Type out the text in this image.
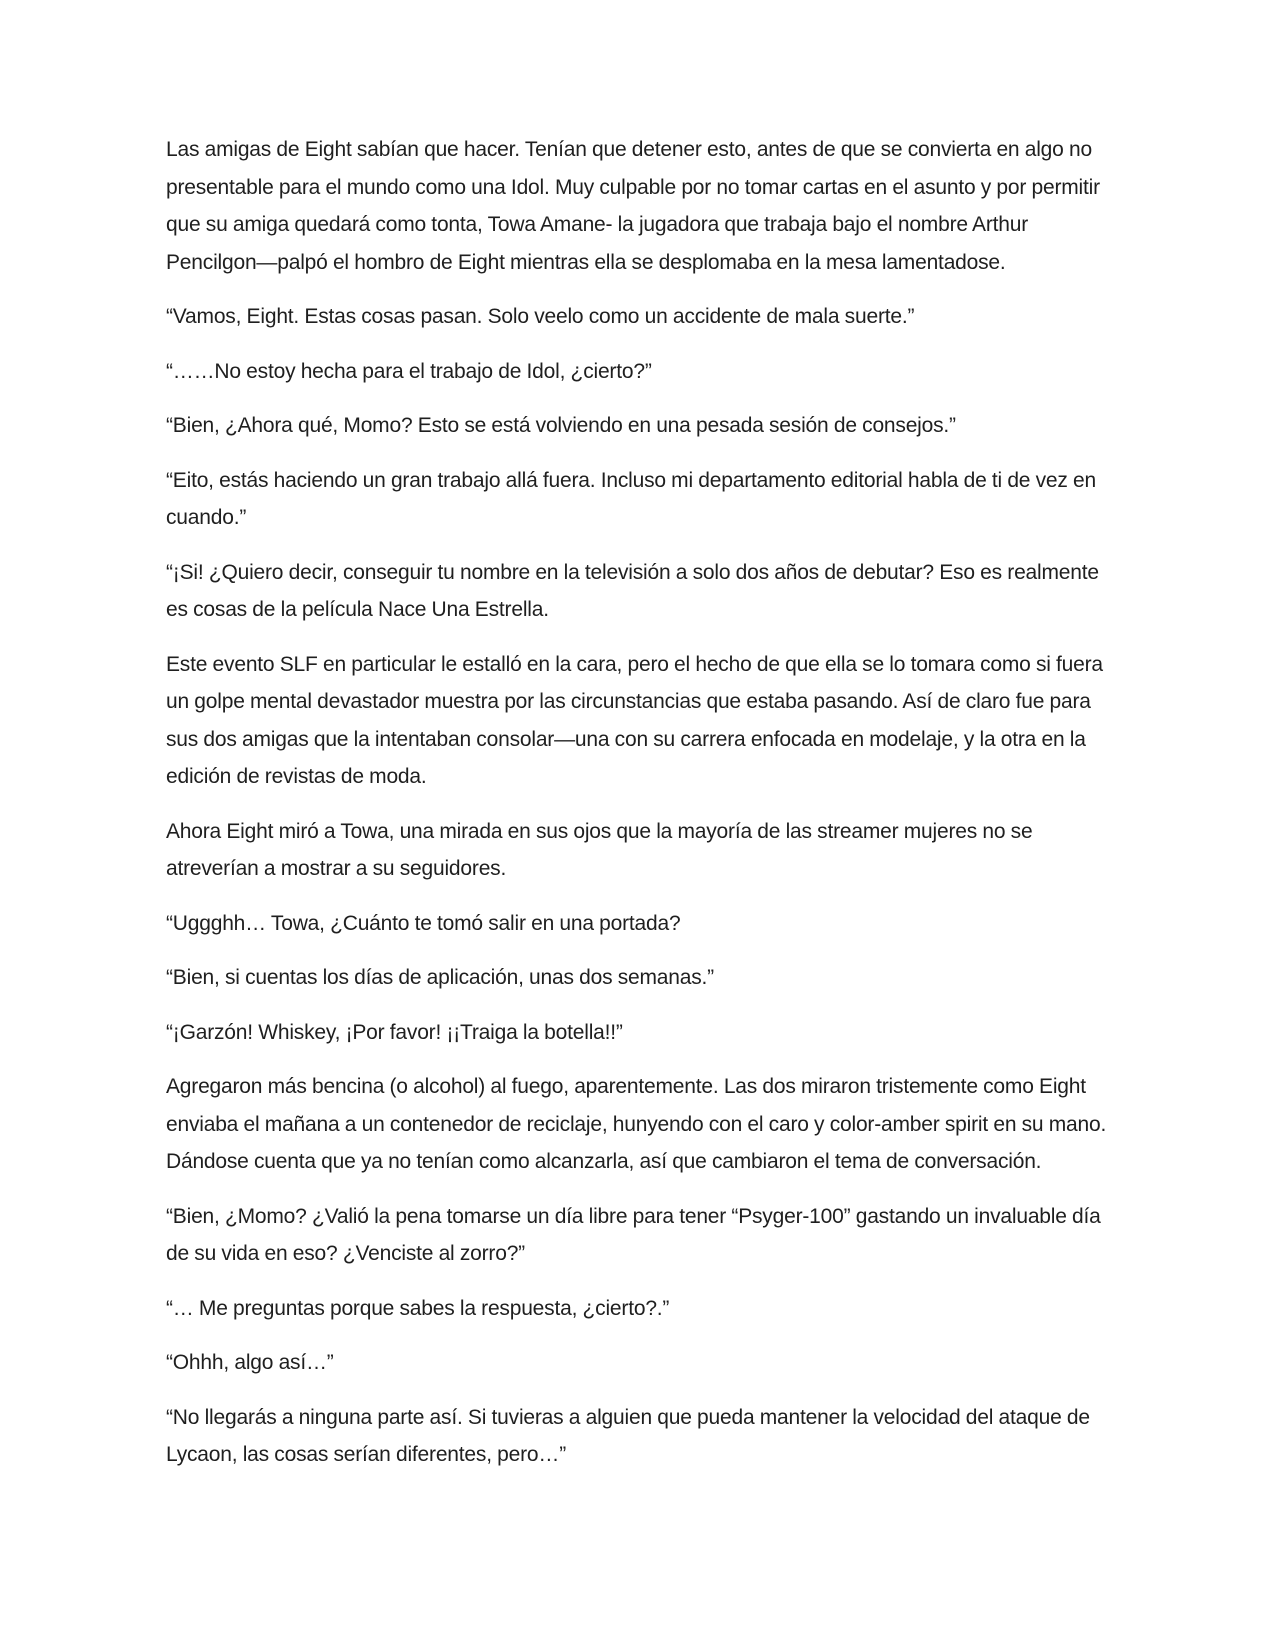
Las amigas de Eight sabían que hacer. Tenían que detener esto, antes de que se convierta en algo no presentable para el mundo como una Idol. Muy culpable por no tomar cartas en el asunto y por permitir que su amiga quedará como tonta, Towa Amane- la jugadora que trabaja bajo el nombre Arthur Pencilgon—palpó el hombro de Eight mientras ella se desplomaba en la mesa lamentadose.

“Vamos, Eight. Estas cosas pasan. Solo veelo como un accidente de mala suerte.”

“……No estoy hecha para el trabajo de Idol, ¿cierto?”

“Bien, ¿Ahora qué, Momo? Esto se está volviendo en una pesada sesión de consejos.”

“Eito, estás haciendo un gran trabajo allá fuera. Incluso mi departamento editorial habla de ti de vez en cuando.”

“¡Si! ¿Quiero decir, conseguir tu nombre en la televisión a solo dos años de debutar? Eso es realmente es cosas de la película Nace Una Estrella.

Este evento SLF en particular le estalló en la cara, pero el hecho de que ella se lo tomara como si fuera un golpe mental devastador muestra por las circunstancias que estaba pasando. Así de claro fue para sus dos amigas que la intentaban consolar—una con su carrera enfocada en modelaje, y la otra en la edición de revistas de moda.

Ahora Eight miró a Towa, una mirada en sus ojos que la mayoría de las streamer mujeres no se atreverían a mostrar a su seguidores.

“Uggghh… Towa, ¿Cuánto te tomó salir en una portada?

“Bien, si cuentas los días de aplicación, unas dos semanas.”

“¡Garzón! Whiskey, ¡Por favor! ¡¡Traiga la botella!!”

Agregaron más bencina (o alcohol) al fuego, aparentemente. Las dos miraron tristemente como Eight enviaba el mañana a un contenedor de reciclaje, hunyendo con el caro y color-amber spirit en su mano. Dándose cuenta que ya no tenían como alcanzarla, así que cambiaron el tema de conversación.

“Bien, ¿Momo? ¿Valió la pena tomarse un día libre para tener “Psyger-100” gastando un invaluable día de su vida en eso? ¿Venciste al zorro?”

“… Me preguntas porque sabes la respuesta, ¿cierto?.”

“Ohhh, algo así…”

“No llegarás a ninguna parte así. Si tuvieras a alguien que pueda mantener la velocidad del ataque de Lycaon, las cosas serían diferentes, pero…”
